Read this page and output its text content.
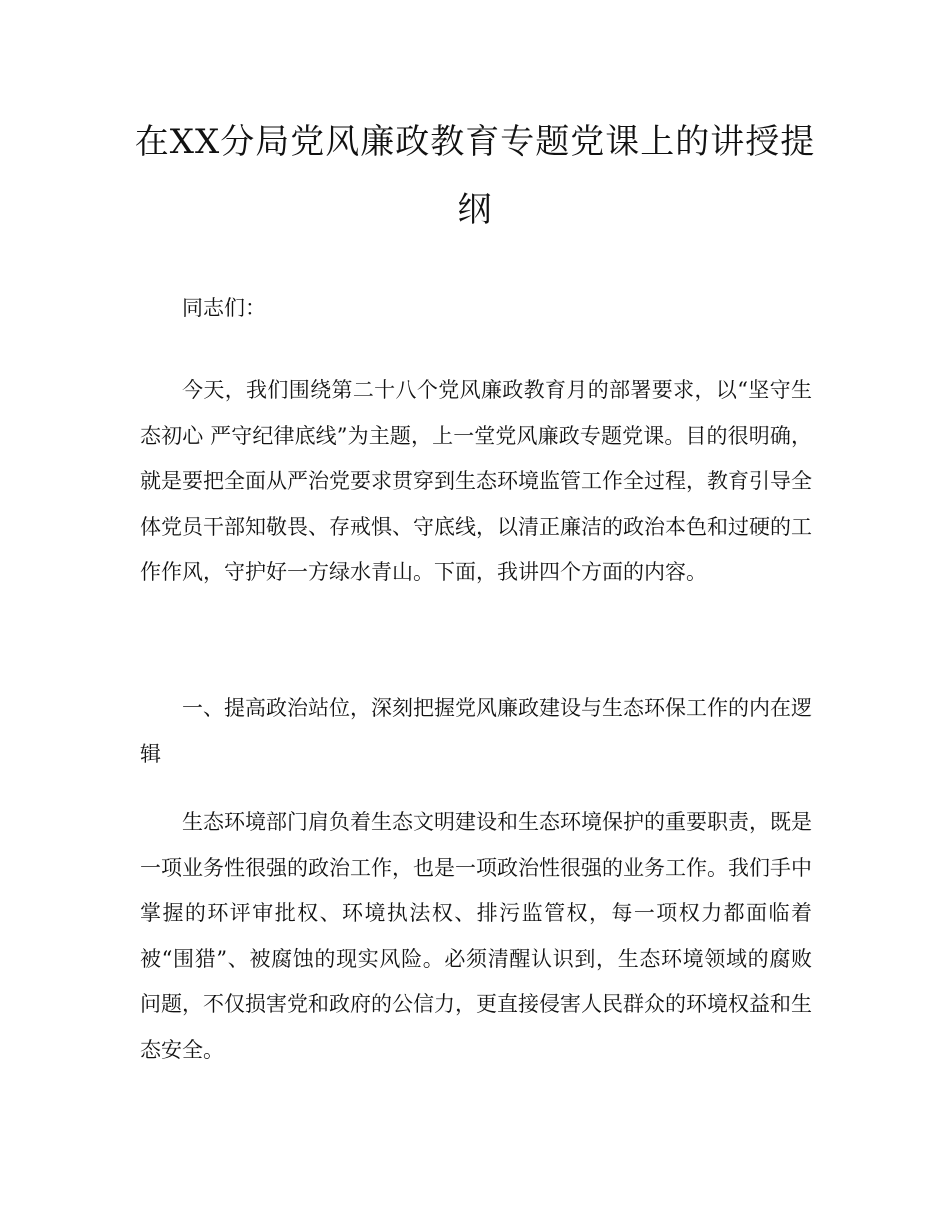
在XX分局党风廉政教育专题党课上的讲授提纲

同志们：

今天，我们围绕第二十八个党风廉政教育月的部署要求，以“坚守生态初心 严守纪律底线”为主题，上一堂党风廉政专题党课。目的很明确，就是要把全面从严治党要求贯穿到生态环境监管工作全过程，教育引导全体党员干部知敬畏、存戒惧、守底线，以清正廉洁的政治本色和过硬的工作作风，守护好一方绿水青山。下面，我讲四个方面的内容。

一、提高政治站位，深刻把握党风廉政建设与生态环保工作的内在逻辑

生态环境部门肩负着生态文明建设和生态环境保护的重要职责，既是一项业务性很强的政治工作，也是一项政治性很强的业务工作。我们手中掌握的环评审批权、环境执法权、排污监管权，每一项权力都面临着被“围猎”、被腐蚀的现实风险。必须清醒认识到，生态环境领域的腐败问题，不仅损害党和政府的公信力，更直接侵害人民群众的环境权益和生态安全。
